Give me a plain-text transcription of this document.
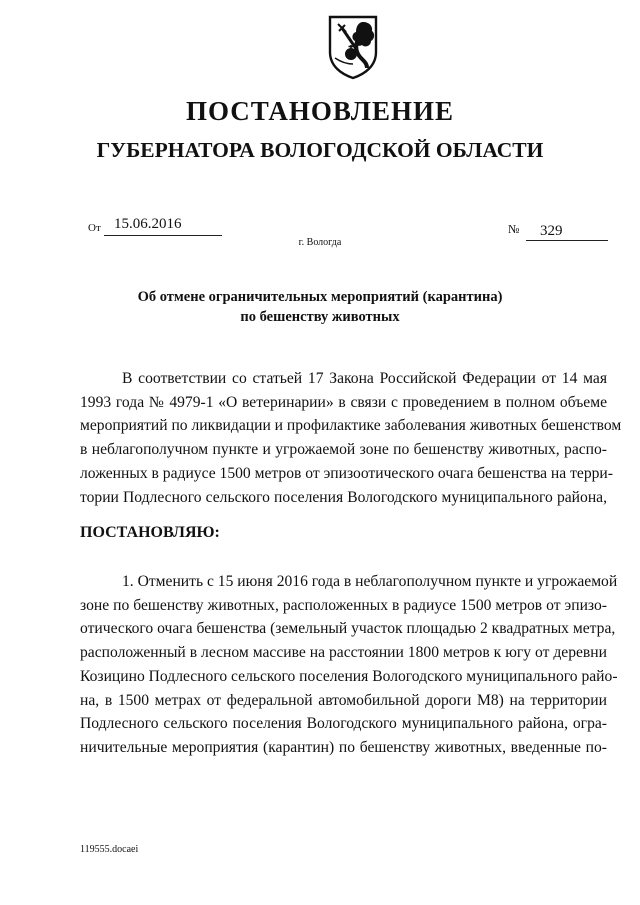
ПОСТАНОВЛЕНИЕ
ГУБЕРНАТОРА ВОЛОГОДСКОЙ ОБЛАСТИ
От 15.06.2016	№	329
г. Вологда
Об отмене ограничительных мероприятий (карантина)
по бешенству животных
В соответствии со статьей 17 Закона Российской Федерации от 14 мая
1993 года № 4979-1 «О ветеринарии» в связи с проведением в полном объеме
мероприятий по ликвидации и профилактике заболевания животных бешенством
в неблагополучном пункте и угрожаемой зоне по бешенству животных, распо-
ложенных в радиусе 1500 метров от эпизоотического очага бешенства на терри-
тории Подлесного сельского поселения Вологодского муниципального района,
ПОСТАНОВЛЯЮ:
1. Отменить с 15 июня 2016 года в неблагополучном пункте и угрожаемой
зоне по бешенству животных, расположенных в радиусе 1500 метров от эпизо-
отического очага бешенства (земельный участок площадью 2 квадратных метра,
расположенный в лесном массиве на расстоянии 1800 метров к югу от деревни
Козицино Подлесного сельского поселения Вологодского муниципального райо-
на, в 1500 метрах от федеральной автомобильной дороги М8) на территории
Подлесного сельского поселения Вологодского муниципального района, огра-
ничительные мероприятия (карантин) по бешенству животных, введенные по-
119555.docaei
